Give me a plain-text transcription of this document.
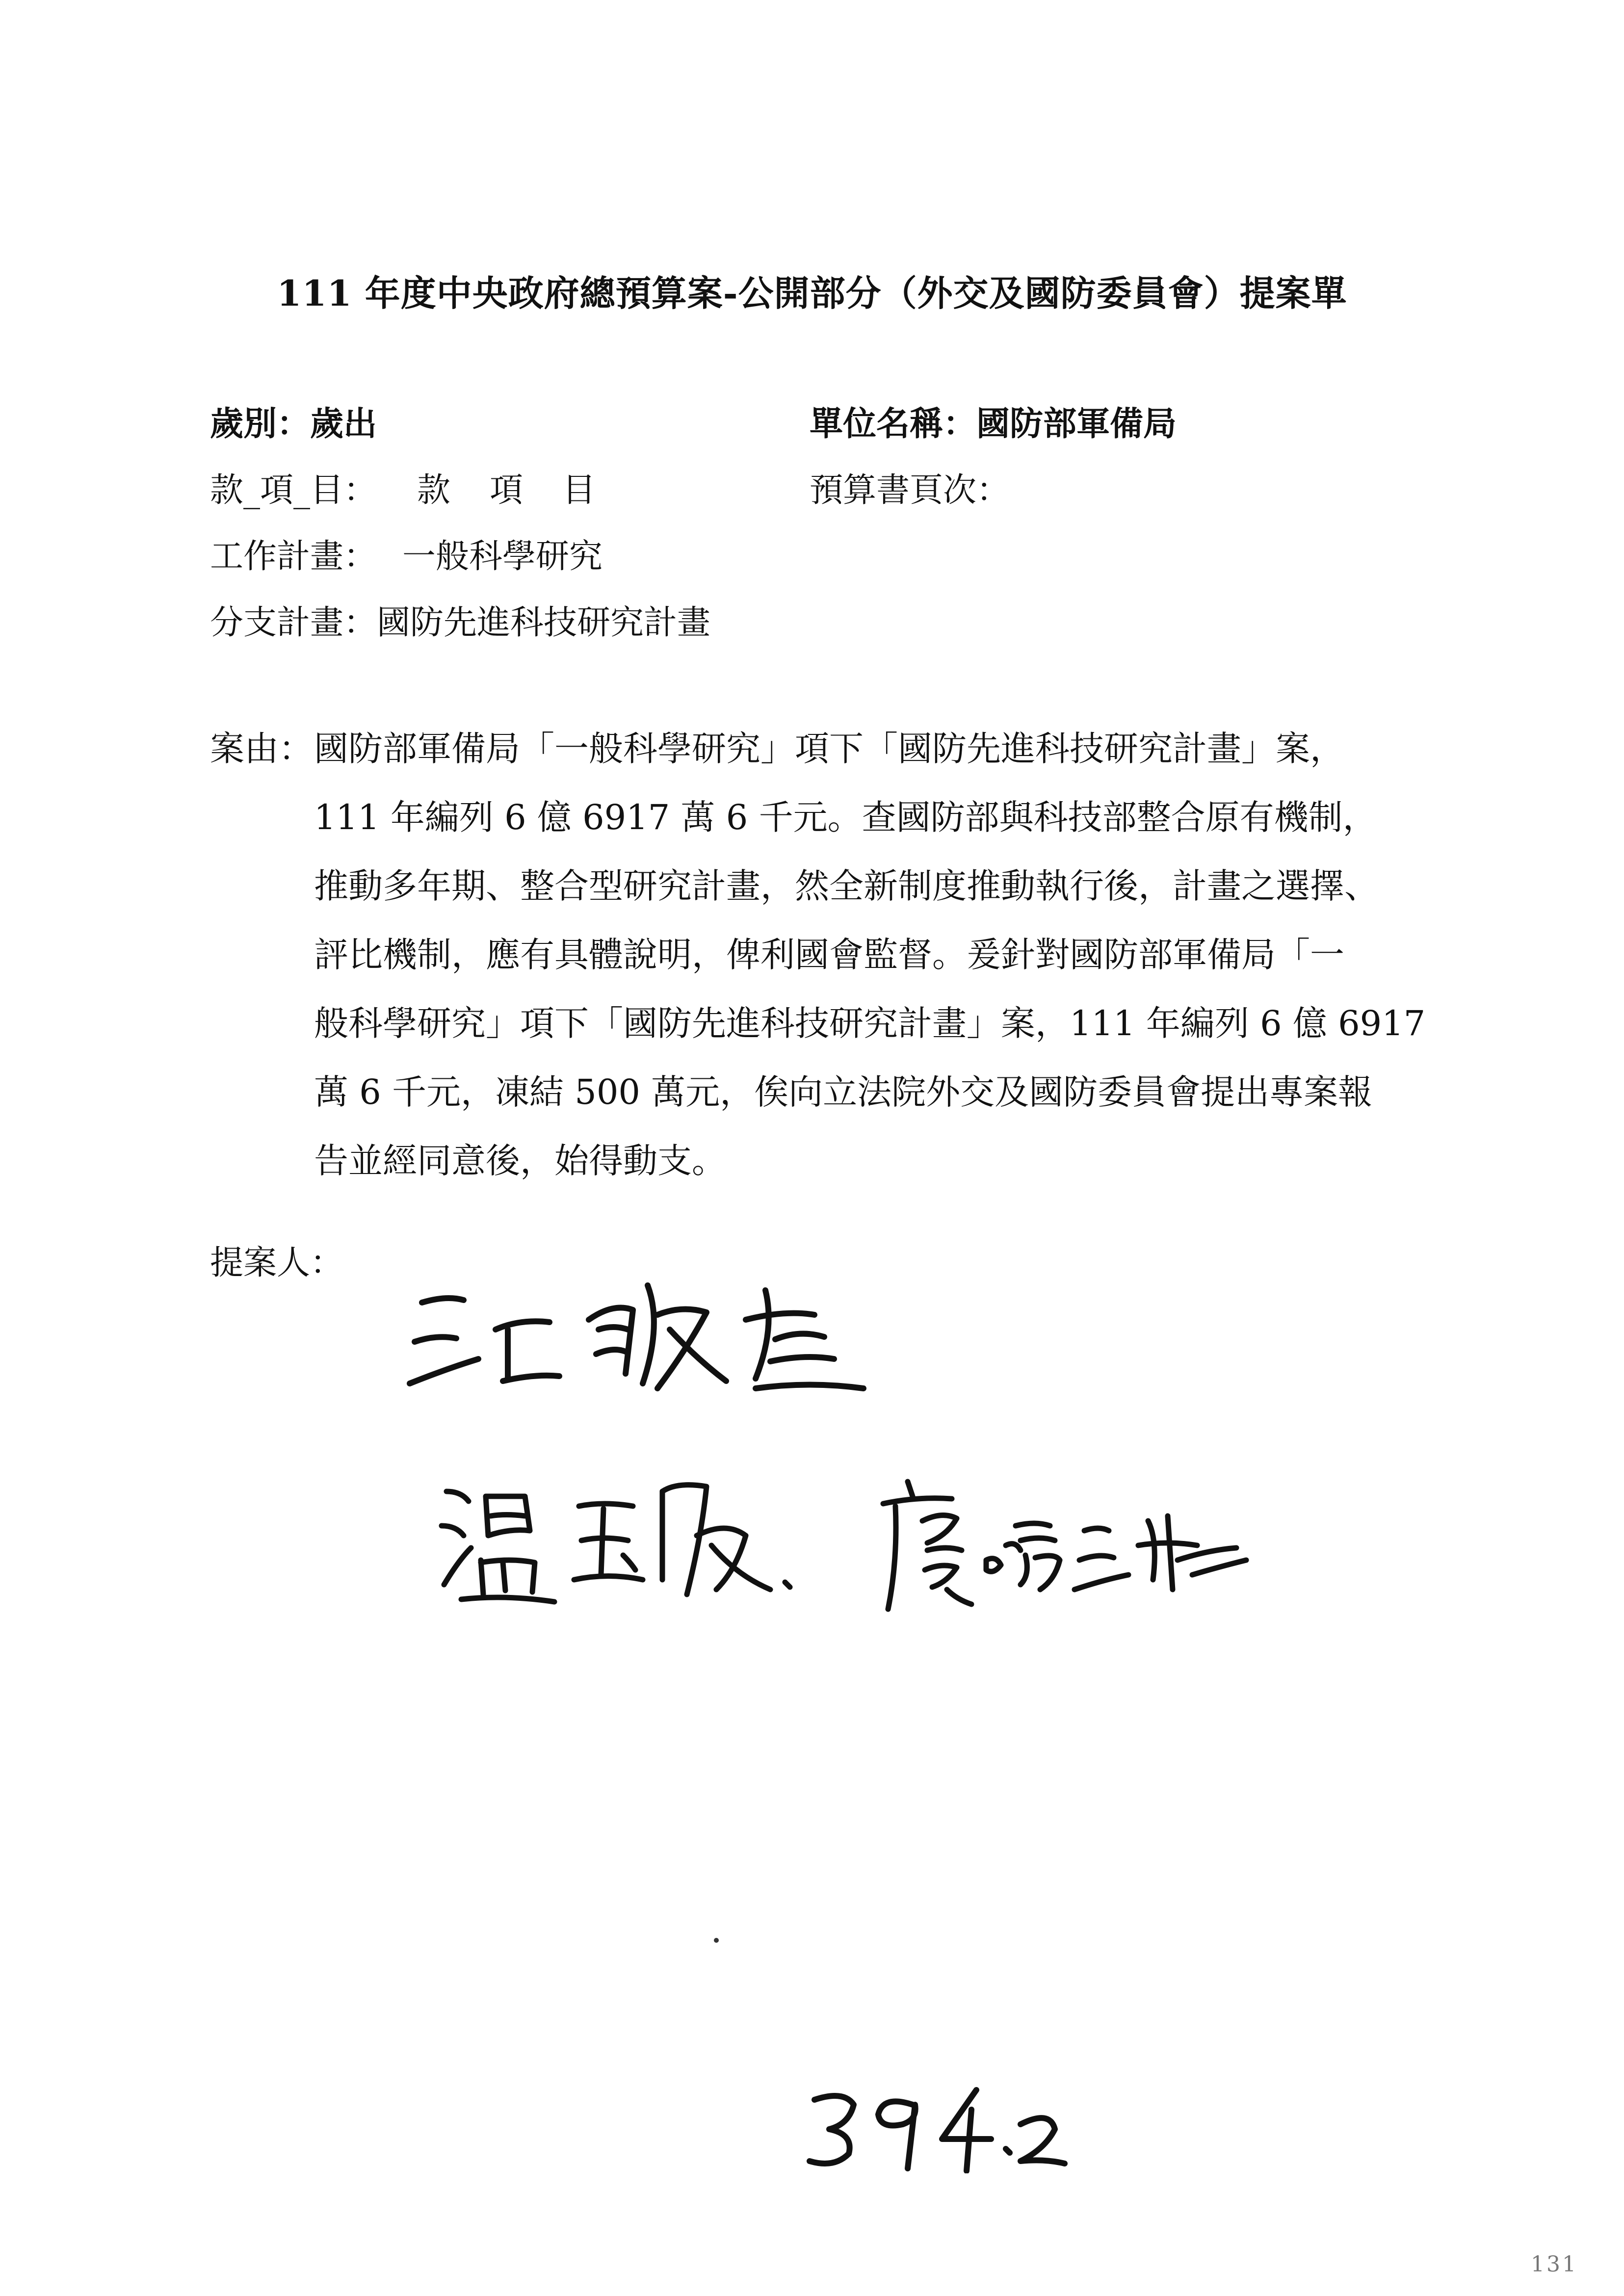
111 年度中央政府總預算案-公開部分（外交及國防委員會）提案單
歲別：歲出	單位名稱：國防部軍備局
款_項_目： 款　項　目	預算書頁次：
工作計畫： 一般科學研究
分支計畫：國防先進科技研究計畫
案由： 國防部軍備局「一般科學研究」項下「國防先進科技研究計畫」案，
111 年編列 6 億 6917 萬 6 千元。查國防部與科技部整合原有機制，
推動多年期、整合型研究計畫，然全新制度推動執行後，計畫之選擇、
評比機制，應有具體說明，俾利國會監督。爰針對國防部軍備局「一
般科學研究」項下「國防先進科技研究計畫」案，111 年編列 6 億 6917
萬 6 千元，凍結 500 萬元，俟向立法院外交及國防委員會提出專案報
告並經同意後，始得動支。
提案人：
394.2
131
